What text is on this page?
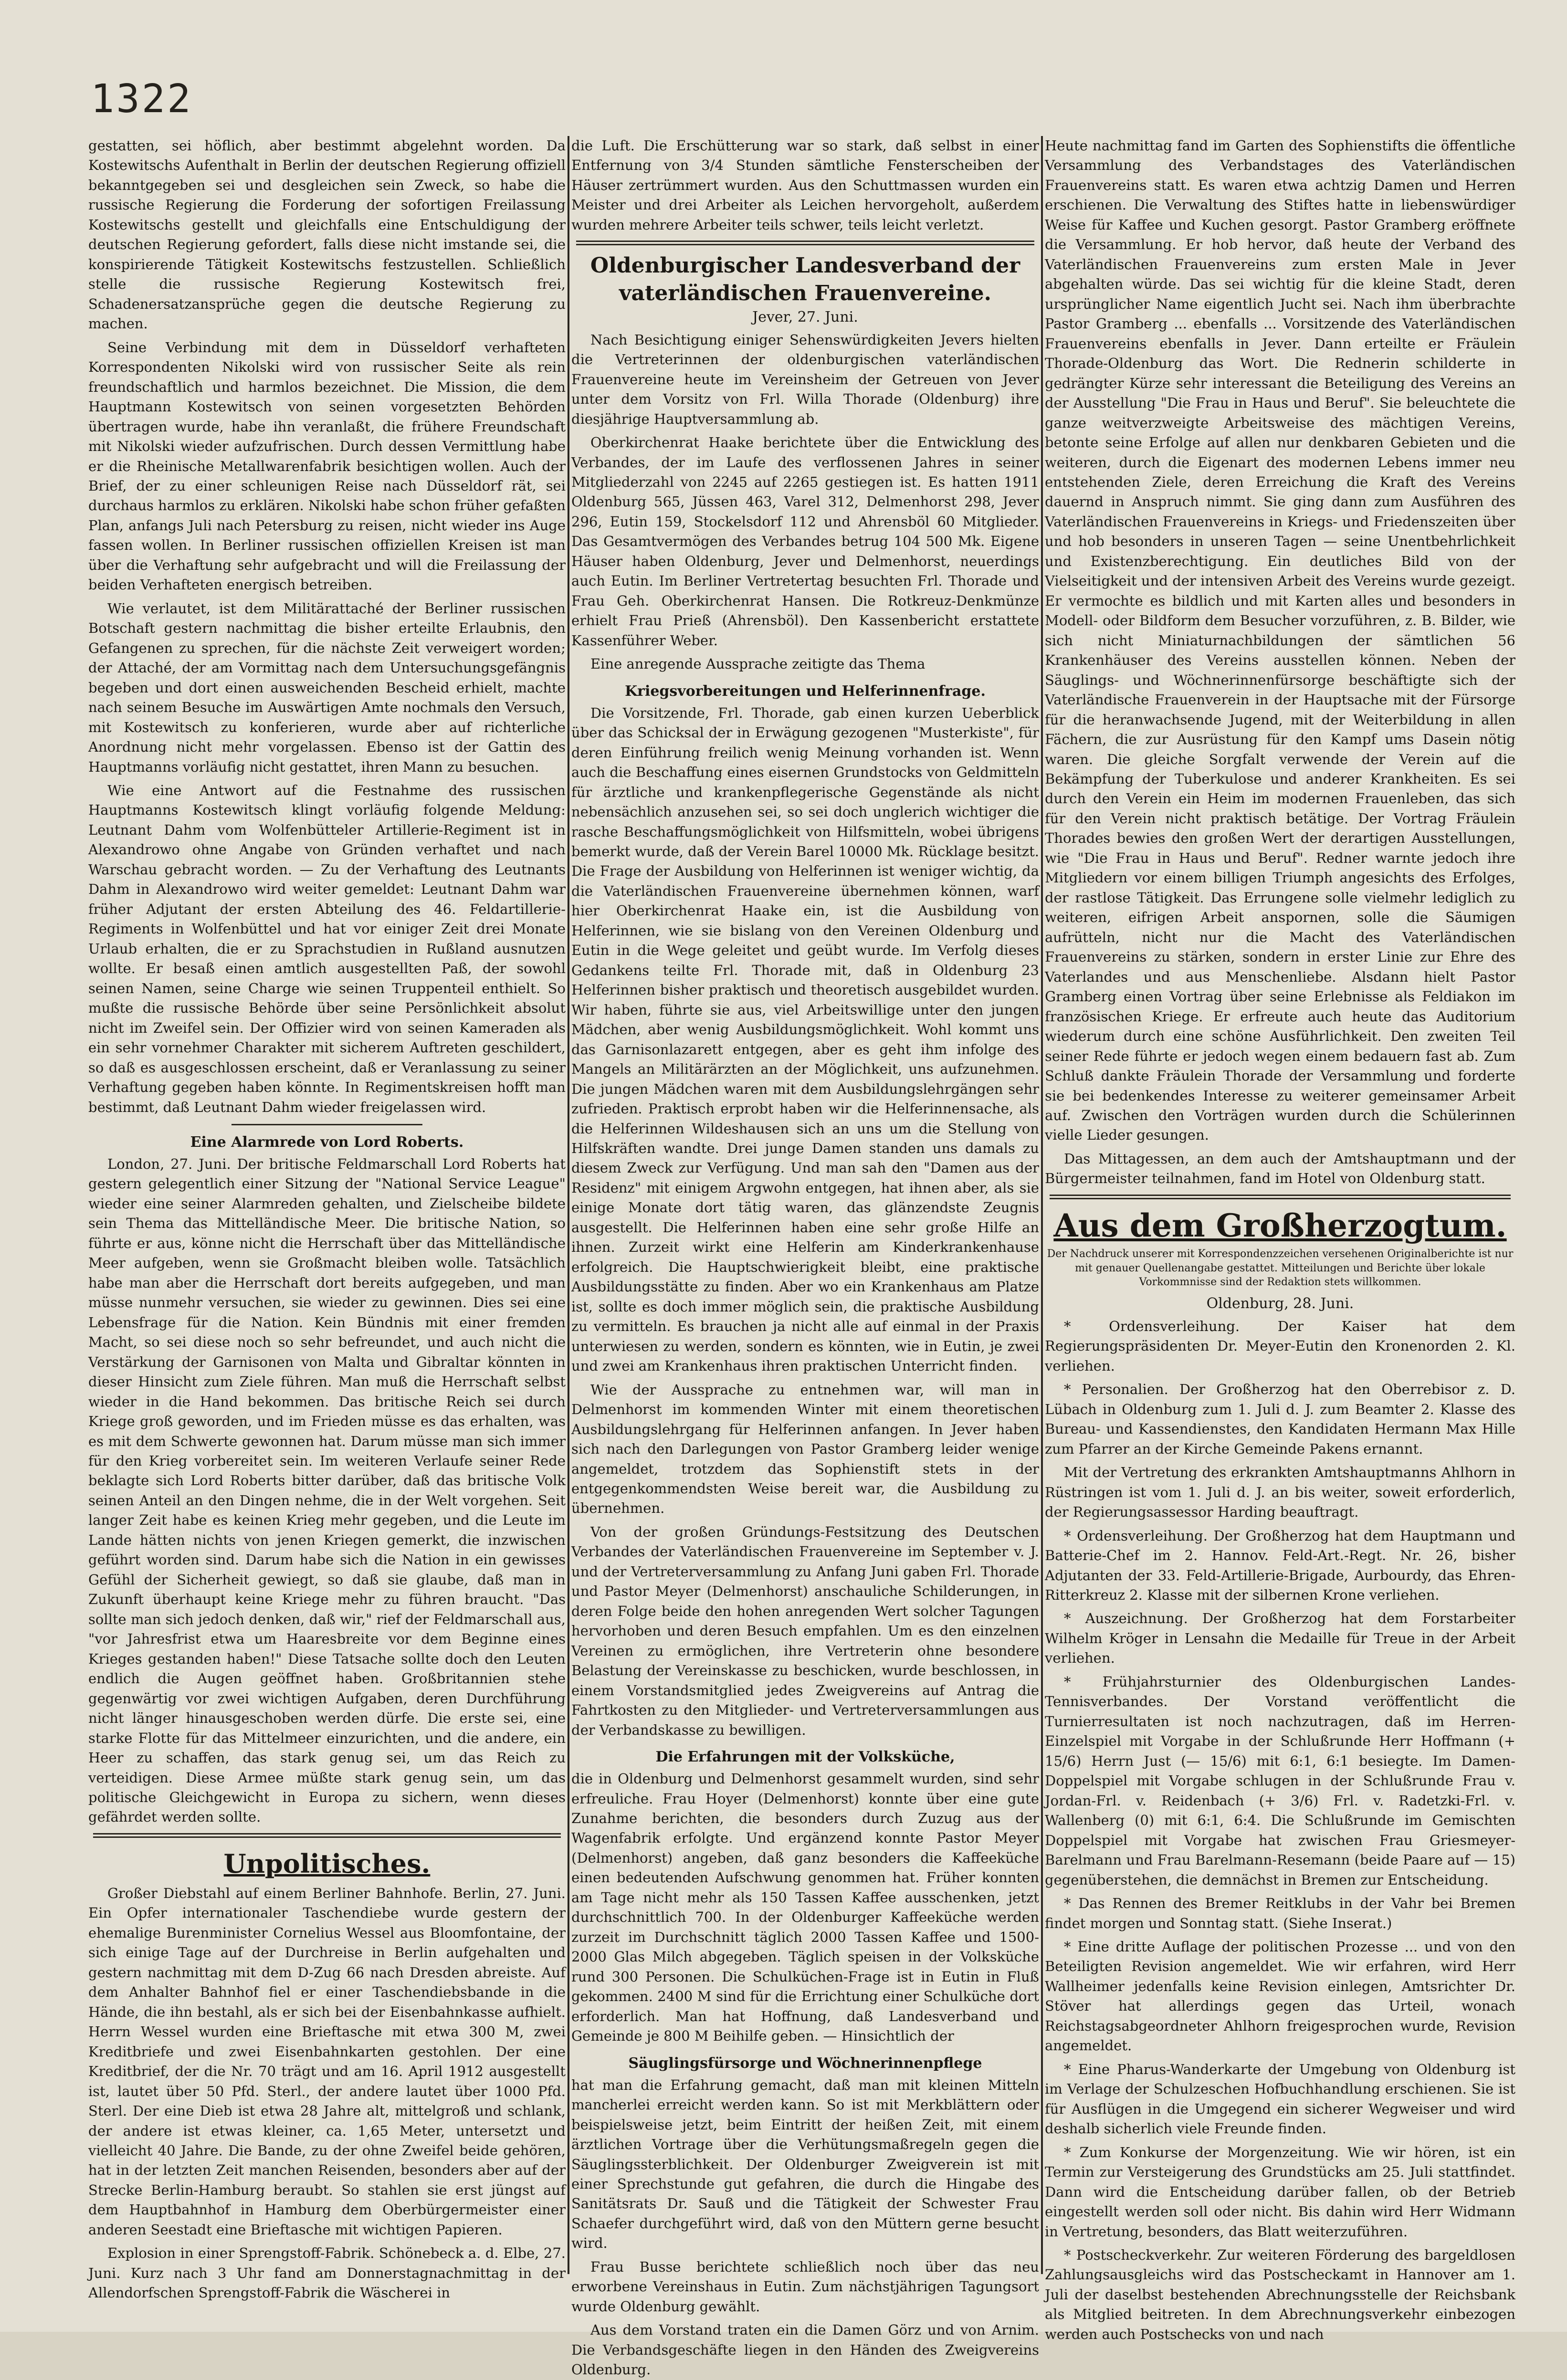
1322

gestatten, sei höflich, aber bestimmt abgelehnt worden. Da Kostewitschs Aufenthalt in Berlin der deutschen Regierung offiziell bekanntgegeben sei und desgleichen sein Zweck, so habe die russische Regierung die Forderung der sofortigen Freilassung Kostewitschs gestellt und gleichfalls eine Entschuldigung der deutschen Regierung gefordert, falls diese nicht imstande sei, die konspirierende Tätigkeit Kostewitschs festzustellen. Schließlich stelle die russische Regierung Kostewitsch frei, Schadenersatzansprüche gegen die deutsche Regierung zu machen.

Seine Verbindung mit dem in Düsseldorf verhafteten Korrespondenten Nikolski wird von russischer Seite als rein freundschaftlich und harmlos bezeichnet. Die Mission, die dem Hauptmann Kostewitsch von seinen vorgesetzten Behörden übertragen wurde, habe ihn veranlaßt, die frühere Freundschaft mit Nikolski wieder aufzufrischen. Durch dessen Vermittlung habe er die Rheinische Metallwarenfabrik besichtigen wollen. Auch der Brief, der zu einer schleunigen Reise nach Düsseldorf rät, sei durchaus harmlos zu erklären. Nikolski habe schon früher gefaßten Plan, anfangs Juli nach Petersburg zu reisen, nicht wieder ins Auge fassen wollen. In Berliner russischen offiziellen Kreisen ist man über die Verhaftung sehr aufgebracht und will die Freilassung der beiden Verhafteten energisch betreiben.

Wie verlautet, ist dem Militärattaché der Berliner russischen Botschaft gestern nachmittag die bisher erteilte Erlaubnis, den Gefangenen zu sprechen, für die nächste Zeit verweigert worden; der Attaché, der am Vormittag nach dem Untersuchungsgefängnis begeben und dort einen ausweichenden Bescheid erhielt, machte nach seinem Besuche im Auswärtigen Amte nochmals den Versuch, mit Kostewitsch zu konferieren, wurde aber auf richterliche Anordnung nicht mehr vorgelassen. Ebenso ist der Gattin des Hauptmanns vorläufig nicht gestattet, ihren Mann zu besuchen.

Wie eine Antwort auf die Festnahme des russischen Hauptmanns Kostewitsch klingt vorläufig folgende Meldung: Leutnant Dahm vom Wolfenbütteler Artillerie-Regiment ist in Alexandrowo ohne Angabe von Gründen verhaftet und nach Warschau gebracht worden. — Zu der Verhaftung des Leutnants Dahm in Alexandrowo wird weiter gemeldet: Leutnant Dahm war früher Adjutant der ersten Abteilung des 46. Feldartillerie-Regiments in Wolfenbüttel und hat vor einiger Zeit drei Monate Urlaub erhalten, die er zu Sprachstudien in Rußland ausnutzen wollte. Er besaß einen amtlich ausgestellten Paß, der sowohl seinen Namen, seine Charge wie seinen Truppenteil enthielt. So mußte die russische Behörde über seine Persönlichkeit absolut nicht im Zweifel sein. Der Offizier wird von seinen Kameraden als ein sehr vornehmer Charakter mit sicherem Auftreten geschildert, so daß es ausgeschlossen erscheint, daß er Veranlassung zu seiner Verhaftung gegeben haben könnte. In Regimentskreisen hofft man bestimmt, daß Leutnant Dahm wieder freigelassen wird.

Eine Alarmrede von Lord Roberts.

London, 27. Juni. Der britische Feldmarschall Lord Roberts hat gestern gelegentlich einer Sitzung der "National Service League" wieder eine seiner Alarmreden gehalten, und Zielscheibe bildete sein Thema das Mittelländische Meer. Die britische Nation, so führte er aus, könne nicht die Herrschaft über das Mittelländische Meer aufgeben, wenn sie Großmacht bleiben wolle. Tatsächlich habe man aber die Herrschaft dort bereits aufgegeben, und man müsse nunmehr versuchen, sie wieder zu gewinnen. Dies sei eine Lebensfrage für die Nation. Kein Bündnis mit einer fremden Macht, so sei diese noch so sehr befreundet, und auch nicht die Verstärkung der Garnisonen von Malta und Gibraltar könnten in dieser Hinsicht zum Ziele führen. Man muß die Herrschaft selbst wieder in die Hand bekommen. Das britische Reich sei durch Kriege groß geworden, und im Frieden müsse es das erhalten, was es mit dem Schwerte gewonnen hat. Darum müsse man sich immer für den Krieg vorbereitet sein. Im weiteren Verlaufe seiner Rede beklagte sich Lord Roberts bitter darüber, daß das britische Volk seinen Anteil an den Dingen nehme, die in der Welt vorgehen. Seit langer Zeit habe es keinen Krieg mehr gegeben, und die Leute im Lande hätten nichts von jenen Kriegen gemerkt, die inzwischen geführt worden sind. Darum habe sich die Nation in ein gewisses Gefühl der Sicherheit gewiegt, so daß sie glaube, daß man in Zukunft überhaupt keine Kriege mehr zu führen braucht. "Das sollte man sich jedoch denken, daß wir," rief der Feldmarschall aus, "vor Jahresfrist etwa um Haaresbreite vor dem Beginne eines Krieges gestanden haben!" Diese Tatsache sollte doch den Leuten endlich die Augen geöffnet haben. Großbritannien stehe gegenwärtig vor zwei wichtigen Aufgaben, deren Durchführung nicht länger hinausgeschoben werden dürfe. Die erste sei, eine starke Flotte für das Mittelmeer einzurichten, und die andere, ein Heer zu schaffen, das stark genug sei, um das Reich zu verteidigen. Diese Armee müßte stark genug sein, um das politische Gleichgewicht in Europa zu sichern, wenn dieses gefährdet werden sollte.

Unpolitisches.

Großer Diebstahl auf einem Berliner Bahnhofe. Berlin, 27. Juni. Ein Opfer internationaler Taschendiebe wurde gestern der ehemalige Burenminister Cornelius Wessel aus Bloomfontaine, der sich einige Tage auf der Durchreise in Berlin aufgehalten und gestern nachmittag mit dem D-Zug 66 nach Dresden abreiste. Auf dem Anhalter Bahnhof fiel er einer Taschendiebsbande in die Hände, die ihn bestahl, als er sich bei der Eisenbahnkasse aufhielt. Herrn Wessel wurden eine Brieftasche mit etwa 300 M, zwei Kreditbriefe und zwei Eisenbahnkarten gestohlen. Der eine Kreditbrief, der die Nr. 70 trägt und am 16. April 1912 ausgestellt ist, lautet über 50 Pfd. Sterl., der andere lautet über 1000 Pfd. Sterl. Der eine Dieb ist etwa 28 Jahre alt, mittelgroß und schlank, der andere ist etwas kleiner, ca. 1,65 Meter, untersetzt und vielleicht 40 Jahre. Die Bande, zu der ohne Zweifel beide gehören, hat in der letzten Zeit manchen Reisenden, besonders aber auf der Strecke Berlin-Hamburg beraubt. So stahlen sie erst jüngst auf dem Hauptbahnhof in Hamburg dem Oberbürgermeister einer anderen Seestadt eine Brieftasche mit wichtigen Papieren.

Explosion in einer Sprengstoff-Fabrik. Schönebeck a. d. Elbe, 27. Juni. Kurz nach 3 Uhr fand am Donnerstagnachmittag in der Allendorfschen Sprengstoff-Fabrik die Wäscherei in

die Luft. Die Erschütterung war so stark, daß selbst in einer Entfernung von 3/4 Stunden sämtliche Fensterscheiben der Häuser zertrümmert wurden. Aus den Schuttmassen wurden ein Meister und drei Arbeiter als Leichen hervorgeholt, außerdem wurden mehrere Arbeiter teils schwer, teils leicht verletzt.

Oldenburgischer Landesverband der vaterländischen Frauenvereine.
Jever, 27. Juni.

Nach Besichtigung einiger Sehenswürdigkeiten Jevers hielten die Vertreterinnen der oldenburgischen vaterländischen Frauenvereine heute im Vereinsheim der Getreuen von Jever unter dem Vorsitz von Frl. Willa Thorade (Oldenburg) ihre diesjährige Hauptversammlung ab.

Oberkirchenrat Haake berichtete über die Entwicklung des Verbandes, der im Laufe des verflossenen Jahres in seiner Mitgliederzahl von 2245 auf 2265 gestiegen ist. Es hatten 1911 Oldenburg 565, Jüssen 463, Varel 312, Delmenhorst 298, Jever 296, Eutin 159, Stockelsdorf 112 und Ahrensböl 60 Mitglieder. Das Gesamtvermögen des Verbandes betrug 104 500 Mk. Eigene Häuser haben Oldenburg, Jever und Delmenhorst, neuerdings auch Eutin. Im Berliner Vertretertag besuchten Frl. Thorade und Frau Geh. Oberkirchenrat Hansen. Die Rotkreuz-Denkmünze erhielt Frau Prieß (Ahrensböl). Den Kassenbericht erstattete Kassenführer Weber.

Eine anregende Aussprache zeitigte das Thema

Kriegsvorbereitungen und Helferinnenfrage.

Die Vorsitzende, Frl. Thorade, gab einen kurzen Ueberblick über das Schicksal der in Erwägung gezogenen "Musterkiste", für deren Einführung freilich wenig Meinung vorhanden ist. Wenn auch die Beschaffung eines eisernen Grundstocks von Geldmitteln für ärztliche und krankenpflegerische Gegenstände als nicht nebensächlich anzusehen sei, so sei doch unglerich wichtiger die rasche Beschaffungsmöglichkeit von Hilfsmitteln, wobei übrigens bemerkt wurde, daß der Verein Barel 10000 Mk. Rücklage besitzt. Die Frage der Ausbildung von Helferinnen ist weniger wichtig, da die Vaterländischen Frauenvereine übernehmen können, warf hier Oberkirchenrat Haake ein, ist die Ausbildung von Helferinnen, wie sie bislang von den Vereinen Oldenburg und Eutin in die Wege geleitet und geübt wurde. Im Verfolg dieses Gedankens teilte Frl. Thorade mit, daß in Oldenburg 23 Helferinnen bisher praktisch und theoretisch ausgebildet wurden. Wir haben, führte sie aus, viel Arbeitswillige unter den jungen Mädchen, aber wenig Ausbildungsmöglichkeit. Wohl kommt uns das Garnisonlazarett entgegen, aber es geht ihm infolge des Mangels an Militärärzten an der Möglichkeit, uns aufzunehmen. Die jungen Mädchen waren mit dem Ausbildungslehrgängen sehr zufrieden. Praktisch erprobt haben wir die Helferinnensache, als die Helferinnen Wildeshausen sich an uns um die Stellung von Hilfskräften wandte. Drei junge Damen standen uns damals zu diesem Zweck zur Verfügung. Und man sah den "Damen aus der Residenz" mit einigem Argwohn entgegen, hat ihnen aber, als sie einige Monate dort tätig waren, das glänzendste Zeugnis ausgestellt. Die Helferinnen haben eine sehr große Hilfe an ihnen. Zurzeit wirkt eine Helferin am Kinderkrankenhause erfolgreich. Die Hauptschwierigkeit bleibt, eine praktische Ausbildungsstätte zu finden. Aber wo ein Krankenhaus am Platze ist, sollte es doch immer möglich sein, die praktische Ausbildung zu vermitteln. Es brauchen ja nicht alle auf einmal in der Praxis unterwiesen zu werden, sondern es könnten, wie in Eutin, je zwei und zwei am Krankenhaus ihren praktischen Unterricht finden.

Wie der Aussprache zu entnehmen war, will man in Delmenhorst im kommenden Winter mit einem theoretischen Ausbildungslehrgang für Helferinnen anfangen. In Jever haben sich nach den Darlegungen von Pastor Gramberg leider wenige angemeldet, trotzdem das Sophienstift stets in der entgegenkommendsten Weise bereit war, die Ausbildung zu übernehmen.

Von der großen Gründungs-Festsitzung des Deutschen Verbandes der Vaterländischen Frauenvereine im September v. J. und der Vertreterversammlung zu Anfang Juni gaben Frl. Thorade und Pastor Meyer (Delmenhorst) anschauliche Schilderungen, in deren Folge beide den hohen anregenden Wert solcher Tagungen hervorhoben und deren Besuch empfahlen. Um es den einzelnen Vereinen zu ermöglichen, ihre Vertreterin ohne besondere Belastung der Vereinskasse zu beschicken, wurde beschlossen, in einem Vorstandsmitglied jedes Zweigvereins auf Antrag die Fahrtkosten zu den Mitglieder- und Vertreterversammlungen aus der Verbandskasse zu bewilligen.

Die Erfahrungen mit der Volksküche,

die in Oldenburg und Delmenhorst gesammelt wurden, sind sehr erfreuliche. Frau Hoyer (Delmenhorst) konnte über eine gute Zunahme berichten, die besonders durch Zuzug aus der Wagenfabrik erfolgte. Und ergänzend konnte Pastor Meyer (Delmenhorst) angeben, daß ganz besonders die Kaffeeküche einen bedeutenden Aufschwung genommen hat. Früher konnten am Tage nicht mehr als 150 Tassen Kaffee ausschenken, jetzt durchschnittlich 700. In der Oldenburger Kaffeeküche werden zurzeit im Durchschnitt täglich 2000 Tassen Kaffee und 1500-2000 Glas Milch abgegeben. Täglich speisen in der Volksküche rund 300 Personen. Die Schulküchen-Frage ist in Eutin in Fluß gekommen. 2400 M sind für die Errichtung einer Schulküche dort erforderlich. Man hat Hoffnung, daß Landesverband und Gemeinde je 800 M Beihilfe geben. — Hinsichtlich der

Säuglingsfürsorge und Wöchnerinnenpflege

hat man die Erfahrung gemacht, daß man mit kleinen Mitteln mancherlei erreicht werden kann. So ist mit Merkblättern oder beispielsweise jetzt, beim Eintritt der heißen Zeit, mit einem ärztlichen Vortrage über die Verhütungsmaßregeln gegen die Säuglingssterblichkeit. Der Oldenburger Zweigverein ist mit einer Sprechstunde gut gefahren, die durch die Hingabe des Sanitätsrats Dr. Sauß und die Tätigkeit der Schwester Frau Schaefer durchgeführt wird, daß von den Müttern gerne besucht wird.

Frau Busse berichtete schließlich noch über das neu erworbene Vereinshaus in Eutin. Zum nächstjährigen Tagungsort wurde Oldenburg gewählt.

Aus dem Vorstand traten ein die Damen Görz und von Arnim. Die Verbandsgeschäfte liegen in den Händen des Zweigvereins Oldenburg.

Heute nachmittag fand im Garten des Sophienstifts die öffentliche Versammlung des Verbandstages des Vaterländischen Frauenvereins statt. Es waren etwa achtzig Damen und Herren erschienen. Die Verwaltung des Stiftes hatte in liebenswürdiger Weise für Kaffee und Kuchen gesorgt. Pastor Gramberg eröffnete die Versammlung. Er hob hervor, daß heute der Verband des Vaterländischen Frauenvereins zum ersten Male in Jever abgehalten würde. Das sei wichtig für die kleine Stadt, deren ursprünglicher Name eigentlich Jucht sei. Nach ihm überbrachte Pastor Gramberg ... ebenfalls ... Vorsitzende des Vaterländischen Frauenvereins ebenfalls in Jever. Dann erteilte er Fräulein Thorade-Oldenburg das Wort. Die Rednerin schilderte in gedrängter Kürze sehr interessant die Beteiligung des Vereins an der Ausstellung "Die Frau in Haus und Beruf". Sie beleuchtete die ganze weitverzweigte Arbeitsweise des mächtigen Vereins, betonte seine Erfolge auf allen nur denkbaren Gebieten und die weiteren, durch die Eigenart des modernen Lebens immer neu entstehenden Ziele, deren Erreichung die Kraft des Vereins dauernd in Anspruch nimmt. Sie ging dann zum Ausführen des Vaterländischen Frauenvereins in Kriegs- und Friedenszeiten über und hob besonders in unseren Tagen — seine Unentbehrlichkeit und Existenzberechtigung. Ein deutliches Bild von der Vielseitigkeit und der intensiven Arbeit des Vereins wurde gezeigt. Er vermochte es bildlich und mit Karten alles und besonders in Modell- oder Bildform dem Besucher vorzuführen, z. B. Bilder, wie sich nicht Miniaturnachbildungen der sämtlichen 56 Krankenhäuser des Vereins ausstellen können. Neben der Säuglings- und Wöchnerinnenfürsorge beschäftigte sich der Vaterländische Frauenverein in der Hauptsache mit der Fürsorge für die heranwachsende Jugend, mit der Weiterbildung in allen Fächern, die zur Ausrüstung für den Kampf ums Dasein nötig waren. Die gleiche Sorgfalt verwende der Verein auf die Bekämpfung der Tuberkulose und anderer Krankheiten. Es sei durch den Verein ein Heim im modernen Frauenleben, das sich für den Verein nicht praktisch betätige. Der Vortrag Fräulein Thorades bewies den großen Wert der derartigen Ausstellungen, wie "Die Frau in Haus und Beruf". Redner warnte jedoch ihre Mitgliedern vor einem billigen Triumph angesichts des Erfolges, der rastlose Tätigkeit. Das Errungene solle vielmehr lediglich zu weiteren, eifrigen Arbeit anspornen, solle die Säumigen aufrütteln, nicht nur die Macht des Vaterländischen Frauenvereins zu stärken, sondern in erster Linie zur Ehre des Vaterlandes und aus Menschenliebe. Alsdann hielt Pastor Gramberg einen Vortrag über seine Erlebnisse als Feldiakon im französischen Kriege. Er erfreute auch heute das Auditorium wiederum durch eine schöne Ausführlichkeit. Den zweiten Teil seiner Rede führte er jedoch wegen einem bedauern fast ab. Zum Schluß dankte Fräulein Thorade der Versammlung und forderte sie bei bedenkendes Interesse zu weiterer gemeinsamer Arbeit auf. Zwischen den Vorträgen wurden durch die Schülerinnen vielle Lieder gesungen.

Das Mittagessen, an dem auch der Amtshauptmann und der Bürgermeister teilnahmen, fand im Hotel von Oldenburg statt.

Aus dem Großherzogtum.
Der Nachdruck unserer mit Korrespondenzzeichen versehenen Originalberichte ist nur mit genauer Quellenangabe gestattet. Mitteilungen und Berichte über lokale Vorkommnisse sind der Redaktion stets willkommen.
Oldenburg, 28. Juni.

* Ordensverleihung. Der Kaiser hat dem Regierungspräsidenten Dr. Meyer-Eutin den Kronenorden 2. Kl. verliehen.

* Personalien. Der Großherzog hat den Oberrebisor z. D. Lübach in Oldenburg zum 1. Juli d. J. zum Beamter 2. Klasse des Bureau- und Kassendienstes, den Kandidaten Hermann Max Hille zum Pfarrer an der Kirche Gemeinde Pakens ernannt.

Mit der Vertretung des erkrankten Amtshauptmanns Ahlhorn in Rüstringen ist vom 1. Juli d. J. an bis weiter, soweit erforderlich, der Regierungsassessor Harding beauftragt.

* Ordensverleihung. Der Großherzog hat dem Hauptmann und Batterie-Chef im 2. Hannov. Feld-Art.-Regt. Nr. 26, bisher Adjutanten der 33. Feld-Artillerie-Brigade, Aurbourdy, das Ehren-Ritterkreuz 2. Klasse mit der silbernen Krone verliehen.

* Auszeichnung. Der Großherzog hat dem Forstarbeiter Wilhelm Kröger in Lensahn die Medaille für Treue in der Arbeit verliehen.

* Frühjahrsturnier des Oldenburgischen Landes-Tennisverbandes. Der Vorstand veröffentlicht die Turnierresultaten ist noch nachzutragen, daß im Herren-Einzelspiel mit Vorgabe in der Schlußrunde Herr Hoffmann (+ 15/6) Herrn Just (— 15/6) mit 6:1, 6:1 besiegte. Im Damen-Doppelspiel mit Vorgabe schlugen in der Schlußrunde Frau v. Jordan-Frl. v. Reidenbach (+ 3/6) Frl. v. Radetzki-Frl. v. Wallenberg (0) mit 6:1, 6:4. Die Schlußrunde im Gemischten Doppelspiel mit Vorgabe hat zwischen Frau Griesmeyer-Barelmann und Frau Barelmann-Resemann (beide Paare auf — 15) gegenüberstehen, die demnächst in Bremen zur Entscheidung.

* Das Rennen des Bremer Reitklubs in der Vahr bei Bremen findet morgen und Sonntag statt. (Siehe Inserat.)

* Eine dritte Auflage der politischen Prozesse ... und von den Beteiligten Revision angemeldet. Wie wir erfahren, wird Herr Wallheimer jedenfalls keine Revision einlegen, Amtsrichter Dr. Stöver hat allerdings gegen das Urteil, wonach Reichstagsabgeordneter Ahlhorn freigesprochen wurde, Revision angemeldet.

* Eine Pharus-Wanderkarte der Umgebung von Oldenburg ist im Verlage der Schulzeschen Hofbuchhandlung erschienen. Sie ist für Ausflügen in die Umgegend ein sicherer Wegweiser und wird deshalb sicherlich viele Freunde finden.

* Zum Konkurse der Morgenzeitung. Wie wir hören, ist ein Termin zur Versteigerung des Grundstücks am 25. Juli stattfindet. Dann wird die Entscheidung darüber fallen, ob der Betrieb eingestellt werden soll oder nicht. Bis dahin wird Herr Widmann in Vertretung, besonders, das Blatt weiterzuführen.

* Postscheckverkehr. Zur weiteren Förderung des bargeldlosen Zahlungsausgleichs wird das Postscheckamt in Hannover am 1. Juli der daselbst bestehenden Abrechnungsstelle der Reichsbank als Mitglied beitreten. In dem Abrechnungsverkehr einbezogen werden auch Postschecks von und nach
